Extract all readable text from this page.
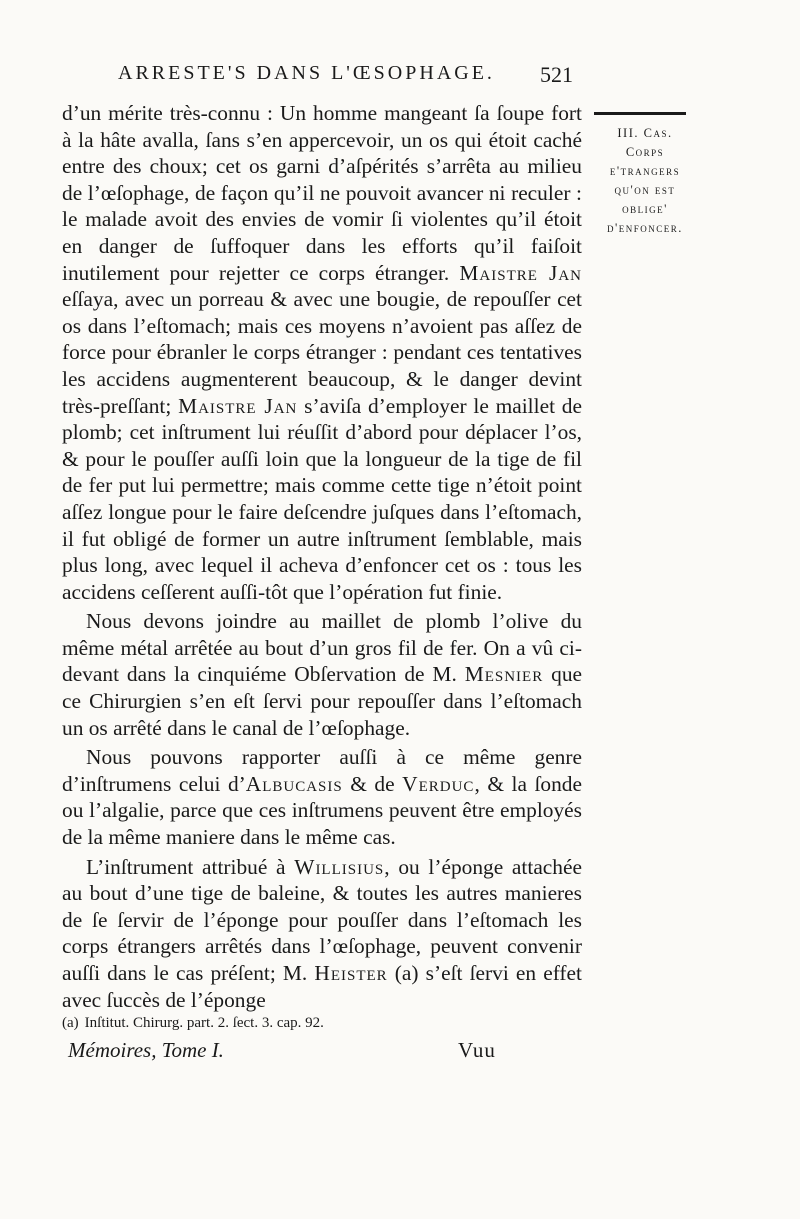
ARRESTE'S DANS L'ŒSOPHAGE.	521
III. Cas.
Corps
e'trangers
qu'on est
oblige'
d'enfoncer.

d’un mérite très-connu : Un homme mangeant ſa ſoupe fort à la hâte avalla, ſans s’en appercevoir, un os qui étoit caché entre des choux; cet os garni d’aſpérités s’arrêta au milieu de l’œſophage, de façon qu’il ne pouvoit avancer ni reculer : le malade avoit des envies de vomir ſi violentes qu’il étoit en danger de ſuffoquer dans les efforts qu’il faiſoit inutilement pour rejetter ce corps étranger. Maistre Jan eſſaya, avec un porreau & avec une bougie, de repouſſer cet os dans l’eſtomach; mais ces moyens n’avoient pas aſſez de force pour ébranler le corps étranger : pendant ces tentatives les accidens augmenterent beaucoup, & le danger devint très-preſſant; Maistre Jan s’aviſa d’employer le maillet de plomb; cet inſtrument lui réuſſit d’abord pour déplacer l’os, & pour le pouſſer auſſi loin que la longueur de la tige de fil de fer put lui permettre; mais comme cette tige n’étoit point aſſez longue pour le faire deſcendre juſques dans l’eſtomach, il fut obligé de former un autre inſtrument ſemblable, mais plus long, avec lequel il acheva d’enfoncer cet os : tous les accidens ceſſerent auſſi-tôt que l’opération fut finie.

Nous devons joindre au maillet de plomb l’olive du même métal arrêtée au bout d’un gros fil de fer. On a vû ci-devant dans la cinquiéme Obſervation de M. Mesnier que ce Chirurgien s’en eſt ſervi pour repouſſer dans l’eſtomach un os arrêté dans le canal de l’œſophage.

Nous pouvons rapporter auſſi à ce même genre d’inſtrumens celui d’Albucasis & de Verduc, & la ſonde ou l’algalie, parce que ces inſtrumens peuvent être employés de la même maniere dans le même cas.

L’inſtrument attribué à Willisius, ou l’éponge attachée au bout d’une tige de baleine, & toutes les autres manieres de ſe ſervir de l’éponge pour pouſſer dans l’eſtomach les corps étrangers arrêtés dans l’œſophage, peuvent convenir auſſi dans le cas préſent; M. Heister (a) s’eſt ſervi en effet avec ſuccès de l’éponge

(a) Inſtitut. Chirurg. part. 2. ſect. 3. cap. 92.
Mémoires, Tome I.	Vuu
